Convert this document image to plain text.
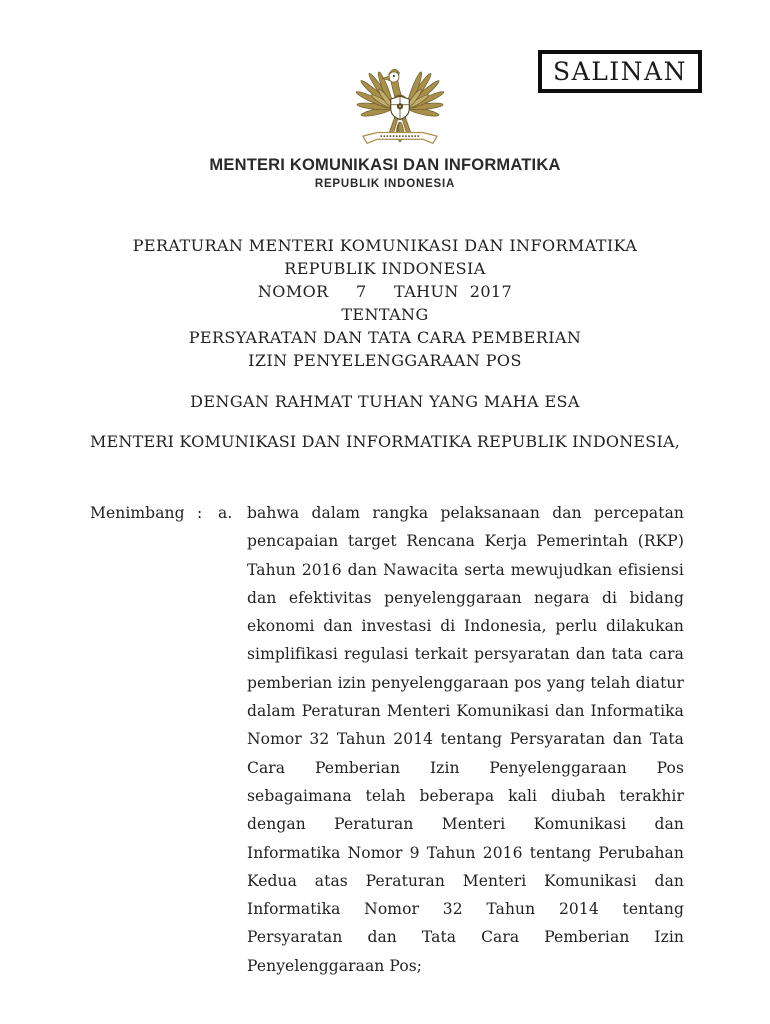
SALINAN
MENTERI KOMUNIKASI DAN INFORMATIKA
REPUBLIK INDONESIA
PERATURAN MENTERI KOMUNIKASI DAN INFORMATIKA
REPUBLIK INDONESIA
NOMOR     7     TAHUN  2017
TENTANG
PERSYARATAN DAN TATA CARA PEMBERIAN
IZIN PENYELENGGARAAN POS
DENGAN RAHMAT TUHAN YANG MAHA ESA
MENTERI KOMUNIKASI DAN INFORMATIKA REPUBLIK INDONESIA,
Menimbang :	a. bahwa dalam rangka pelaksanaan dan percepatan pencapaian target Rencana Kerja Pemerintah (RKP) Tahun 2016 dan Nawacita serta mewujudkan efisiensi dan efektivitas penyelenggaraan negara di bidang ekonomi dan investasi di Indonesia, perlu dilakukan simplifikasi regulasi terkait persyaratan dan tata cara pemberian izin penyelenggaraan pos yang telah diatur dalam Peraturan Menteri Komunikasi dan Informatika Nomor 32 Tahun 2014 tentang Persyaratan dan Tata Cara Pemberian Izin Penyelenggaraan Pos sebagaimana telah beberapa kali diubah terakhir dengan Peraturan Menteri Komunikasi dan Informatika Nomor 9 Tahun 2016 tentang Perubahan Kedua atas Peraturan Menteri Komunikasi dan Informatika Nomor 32 Tahun 2014 tentang Persyaratan dan Tata Cara Pemberian Izin Penyelenggaraan Pos;
